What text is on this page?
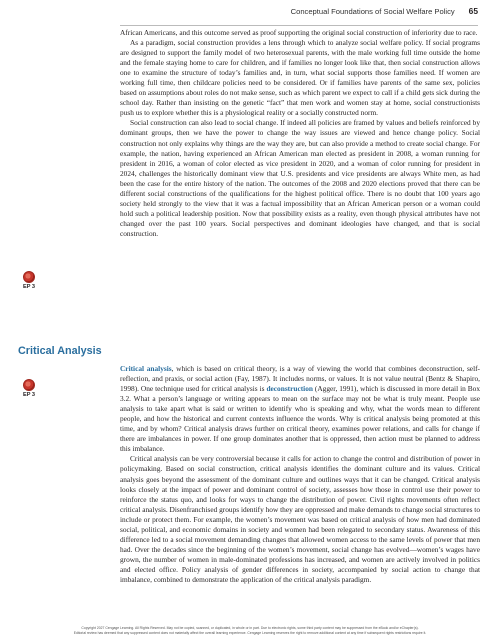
Conceptual Foundations of Social Welfare Policy 65

African Americans, and this outcome served as proof supporting the original social construction of inferiority due to race.

As a paradigm, social construction provides a lens through which to analyze social welfare policy. If social programs are designed to support the family model of two heterosexual parents, with the male working full time outside the home and the female staying home to care for children, and if families no longer look like that, then social construction allows one to examine the structure of today’s families and, in turn, what social supports those families need. If women are working full time, then childcare policies need to be considered. Or if families have parents of the same sex, policies based on assumptions about roles do not make sense, such as which parent we expect to call if a child gets sick during the school day. Rather than insisting on the genetic “fact” that men work and women stay at home, social constructionists push us to explore whether this is a physiological reality or a socially constructed norm.

Social construction can also lead to social change. If indeed all policies are framed by values and beliefs reinforced by dominant groups, then we have the power to change the way issues are viewed and hence change policy. Social construction not only explains why things are the way they are, but can also provide a method to create social change. For example, the nation, having experienced an African American man elected as president in 2008, a woman running for president in 2016, a woman of color elected as vice president in 2020, and a woman of color running for president in 2024, challenges the historically dominant view that U.S. presidents and vice presidents are always White men, as had been the case for the entire history of the nation. The outcomes of the 2008 and 2020 elections proved that there can be different social constructions of the qualifications for the highest political office. There is no doubt that 100 years ago society held strongly to the view that it was a factual impossibility that an African American person or a woman could hold such a political leadership position. Now that possibility exists as a reality, even though physical attributes have not changed over the past 100 years. Social perspectives and dominant ideologies have changed, and that is social construction.

EP 3
Critical Analysis
EP 3

Critical analysis, which is based on critical theory, is a way of viewing the world that combines deconstruction, self-reflection, and praxis, or social action (Fay, 1987). It includes norms, or values. It is not value neutral (Bentz & Shapiro, 1998). One technique used for critical analysis is deconstruction (Agger, 1991), which is discussed in more detail in Box 3.2. What a person’s language or writing appears to mean on the surface may not be what is truly meant. People use analysis to take apart what is said or written to identify who is speaking and why, what the words mean to different people, and how the historical and current contexts influence the words. Why is critical analysis being promoted at this time, and by whom? Critical analysis draws further on critical theory, examines power relations, and calls for change if there are imbalances in power. If one group dominates another that is oppressed, then action must be planned to address this imbalance.

Critical analysis can be very controversial because it calls for action to change the control and distribution of power in policymaking. Based on social construction, critical analysis identifies the dominant culture and its values. Critical analysis goes beyond the assessment of the dominant culture and outlines ways that it can be changed. Critical analysis looks closely at the impact of power and dominant control of society, assesses how those in control use their power to reinforce the status quo, and looks for ways to change the distribution of power. Civil rights movements often reflect critical analysis. Disenfranchised groups identify how they are oppressed and make demands to change social structures to include or protect them. For example, the women’s movement was based on critical analysis of how men had dominated social, political, and economic domains in society and women had been relegated to secondary status. Awareness of this difference led to a social movement demanding changes that allowed women access to the same levels of power that men had. Over the decades since the beginning of the women’s movement, social change has evolved—women’s wages have grown, the number of women in male-dominated professions has increased, and women are actively involved in politics and elected office. Policy analysis of gender differences in society, accompanied by social action to change that imbalance, combined to demonstrate the application of the critical analysis paradigm.

Copyright 2027 Cengage Learning. All Rights Reserved. May not be copied, scanned, or duplicated, in whole or in part. Due to electronic rights, some third party content may be suppressed from the eBook and/or eChapter(s).
Editorial review has deemed that any suppressed content does not materially affect the overall learning experience. Cengage Learning reserves the right to remove additional content at any time if subsequent rights restrictions require it.
